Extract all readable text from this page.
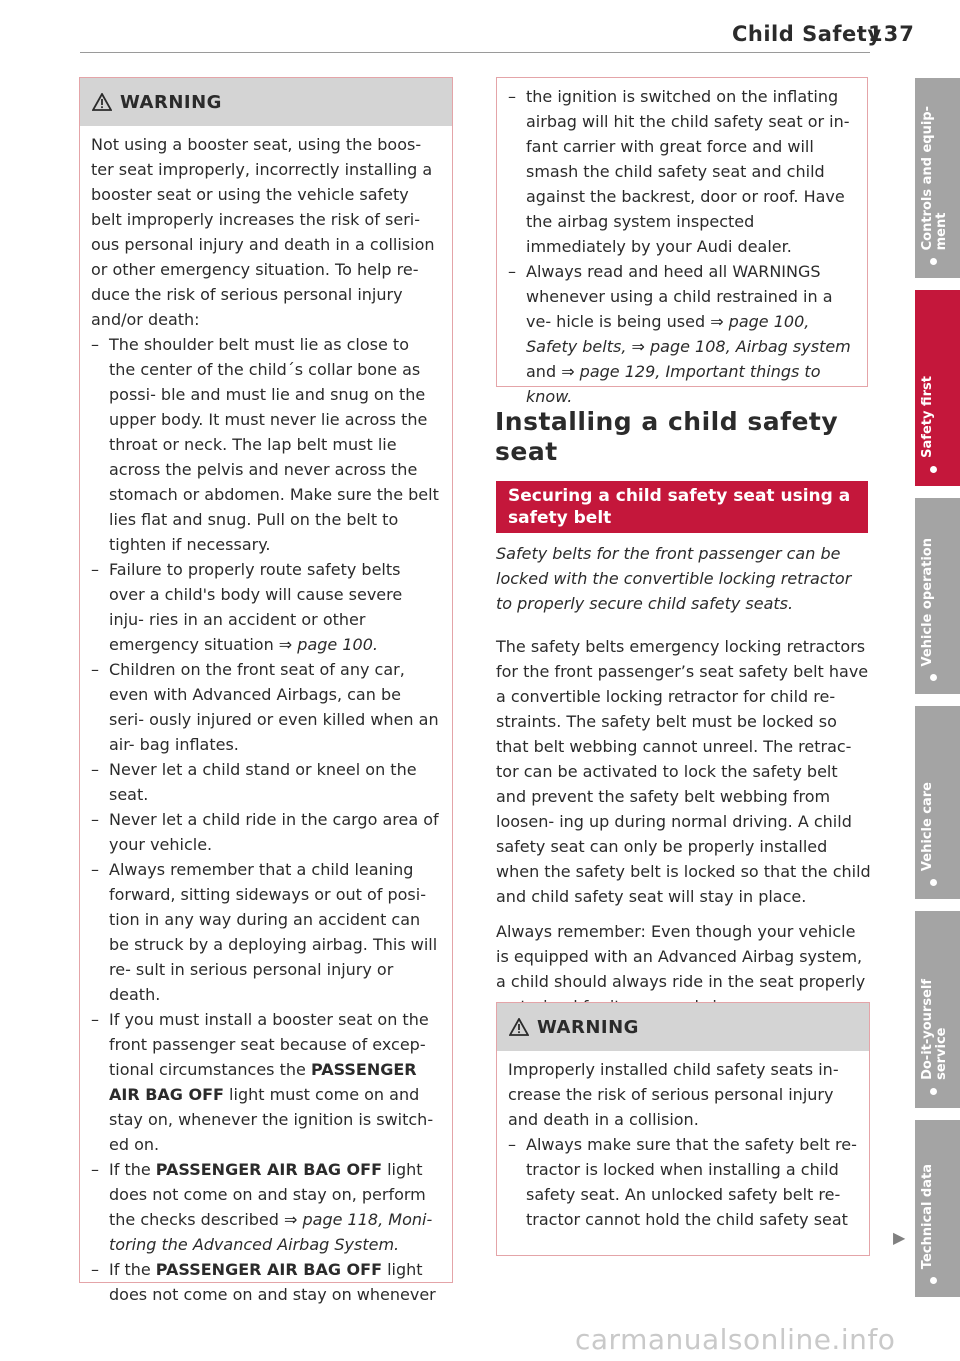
Child Safety
137
WARNING

Not using a booster seat, using the boos- ter seat improperly, incorrectly installing a booster seat or using the vehicle safety belt improperly increases the risk of seri- ous personal injury and death in a collision or other emergency situation. To help re- duce the risk of serious personal injury and/or death:

– The shoulder belt must lie as close to the center of the child´s collar bone as possi- ble and must lie and snug on the upper body. It must never lie across the throat or neck. The lap belt must lie across the pelvis and never across the stomach or abdomen. Make sure the belt lies flat and snug. Pull on the belt to tighten if necessary.
– Failure to properly route safety belts over a child's body will cause severe inju- ries in an accident or other emergency situation ⇒ page 100.
– Children on the front seat of any car, even with Advanced Airbags, can be seri- ously injured or even killed when an air- bag inflates.
– Never let a child stand or kneel on the seat.
– Never let a child ride in the cargo area of your vehicle.
– Always remember that a child leaning forward, sitting sideways or out of posi- tion in any way during an accident can be struck by a deploying airbag. This will re- sult in serious personal injury or death.
– If you must install a booster seat on the front passenger seat because of excep- tional circumstances the PASSENGER AIR BAG OFF light must come on and stay on, whenever the ignition is switch- ed on.
– If the PASSENGER AIR BAG OFF light does not come on and stay on, perform the checks described ⇒ page 118, Moni- toring the Advanced Airbag System.
– If the PASSENGER AIR BAG OFF light does not come on and stay on whenever
– the ignition is switched on the inflating airbag will hit the child safety seat or in- fant carrier with great force and will smash the child safety seat and child against the backrest, door or roof. Have the airbag system inspected immediately by your Audi dealer.
– Always read and heed all WARNINGS whenever using a child restrained in a ve- hicle is being used ⇒ page 100, Safety belts, ⇒ page 108, Airbag system and ⇒ page 129, Important things to know.
Installing a child safety seat
Securing a child safety seat using a safety belt
Safety belts for the front passenger can be locked with the convertible locking retractor to properly secure child safety seats.
The safety belts emergency locking retractors for the front passenger’s seat safety belt have a convertible locking retractor for child re- straints. The safety belt must be locked so that belt webbing cannot unreel. The retrac- tor can be activated to lock the safety belt and prevent the safety belt webbing from loosen- ing up during normal driving. A child safety seat can only be properly installed when the safety belt is locked so that the child and child safety seat will stay in place.
Always remember: Even though your vehicle is equipped with an Advanced Airbag system, a child should always ride in the seat properly
WARNING

Improperly installed child safety seats in- crease the risk of serious personal injury and death in a collision.

– Always make sure that the safety belt re- tractor is locked when installing a child safety seat. An unlocked safety belt re- tractor cannot hold the child safety seat
▶
Controls and equip-
ment
Safety first
Vehicle operation
Vehicle care
Do-it-yourself
service
Technical data
carmanualsonline.info
